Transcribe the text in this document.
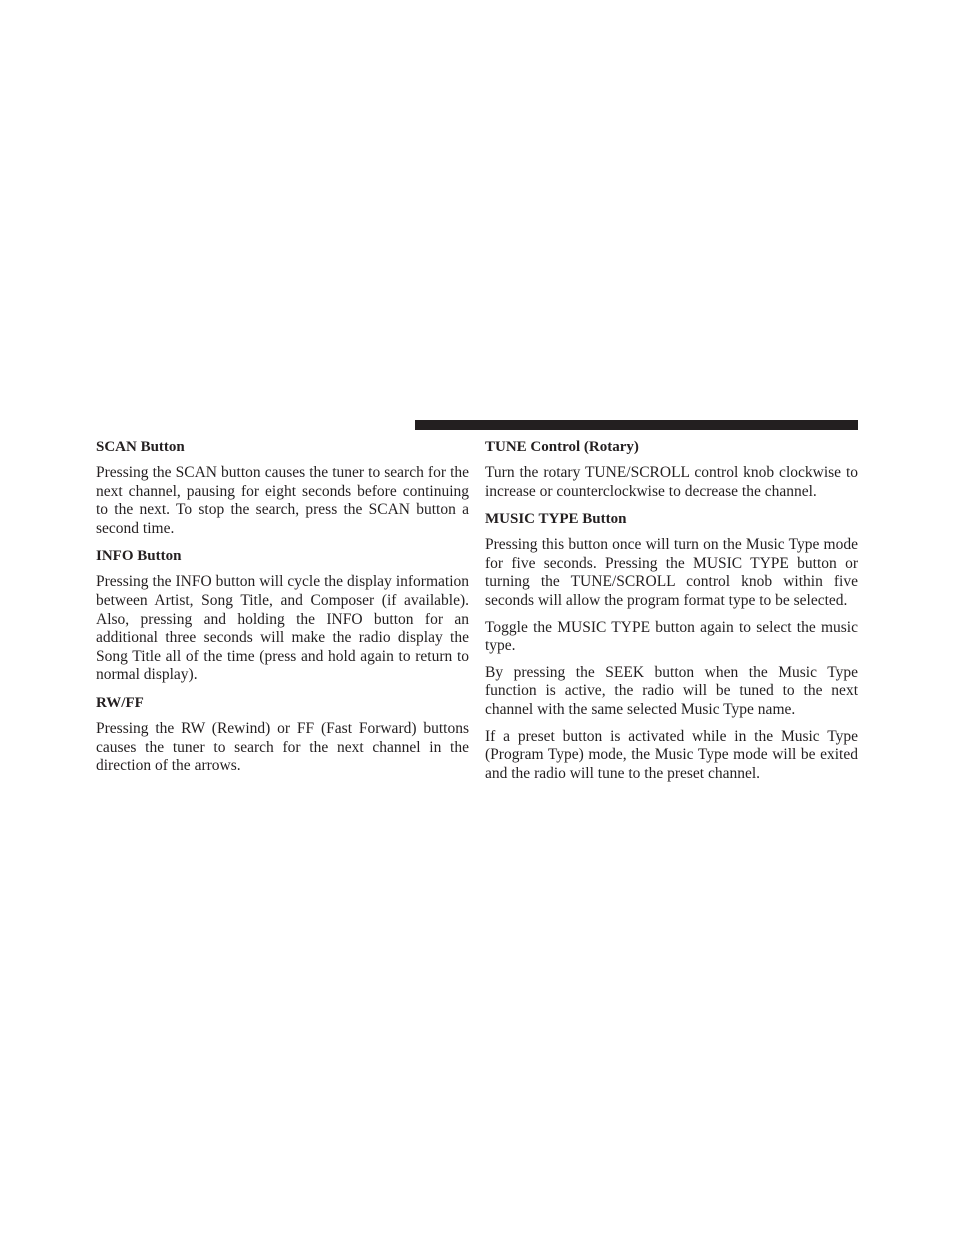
SCAN Button

Pressing the SCAN button causes the tuner to search for the next channel, pausing for eight seconds before continuing to the next. To stop the search, press the SCAN button a second time.

INFO Button

Pressing the INFO button will cycle the display information between Artist, Song Title, and Composer (if available). Also, pressing and holding the INFO button for an additional three seconds will make the radio display the Song Title all of the time (press and hold again to return to normal display).

RW/FF

Pressing the RW (Rewind) or FF (Fast Forward) buttons causes the tuner to search for the next channel in the direction of the arrows.

TUNE Control (Rotary)

Turn the rotary TUNE/SCROLL control knob clockwise to increase or counterclockwise to decrease the channel.

MUSIC TYPE Button

Pressing this button once will turn on the Music Type mode for five seconds. Pressing the MUSIC TYPE button or turning the TUNE/SCROLL control knob within five seconds will allow the program format type to be selected.

Toggle the MUSIC TYPE button again to select the music type.

By pressing the SEEK button when the Music Type function is active, the radio will be tuned to the next channel with the same selected Music Type name.

If a preset button is activated while in the Music Type (Program Type) mode, the Music Type mode will be exited and the radio will tune to the preset channel.
